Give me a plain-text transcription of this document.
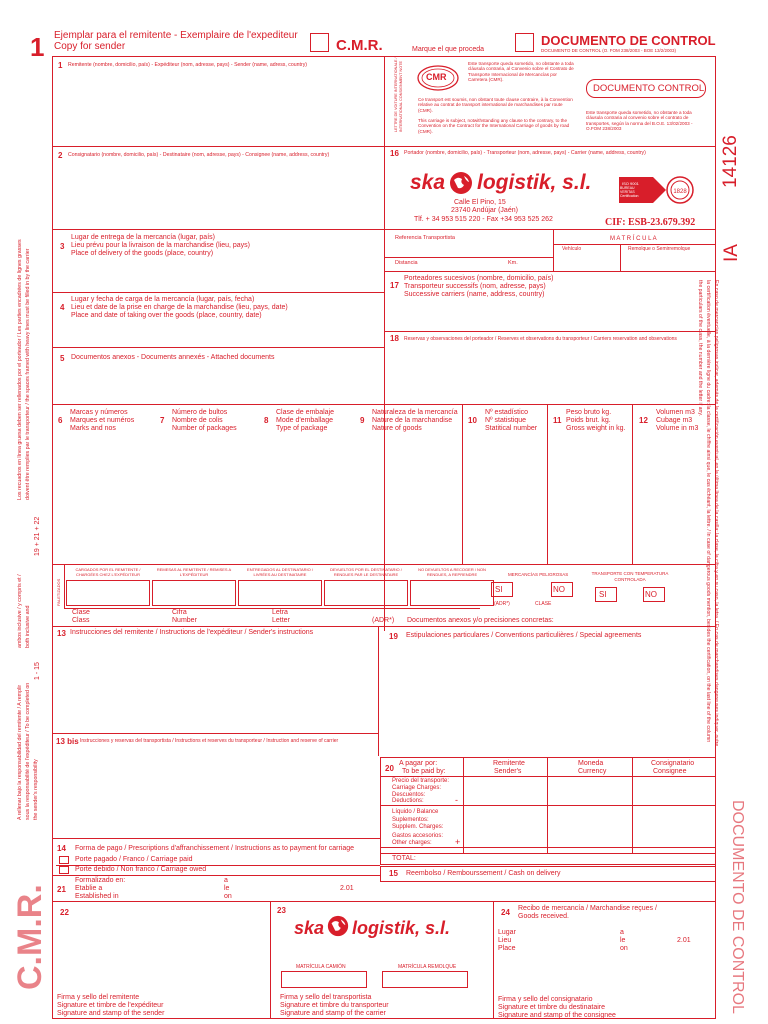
1 Ejemplar para el remitente - Exemplaire de l'expediteur
Copy for sender	C.M.R.	Marque el que proceda
DOCUMENTO DE CONTROL
DOCUMENTO DE CONTROL (O. FOM 238/2003 - BOE 13/2/2003)
1 Remitente (nombre, domicilio, país) - Expéditeur (nom, adresse, pays) - Sender (name, adress, country)	LETTRE DE VOITURE INTERNATIONALE / INTERNATIONAL CONSIGNMENT NOTE	CMR
Este transporte queda sometido, no obstante a toda cláusula contraria, al Convenio sobre el Contrato de Transporte Internacional de Mercancías por Carretera (CMR).
Ce transport est soumis, non obstant toute clause contraire, à la Convention relative au contrat de transport international de marchandises par route (CMR).
This carriage is subject, notwithstanding any clause to the contrary, to the Convention on the Contract for the International Carriage of goods by road (CMR).
DOCUMENTO CONTROL
Este transporte queda sometido, no obstante a toda cláusula contraria al convenio sobre el contrato de transportes, según la norma del B.O.E. 13/02/2003 - O.FOM 238/2003
2 Consignatario (nombre, domicilio, país) - Destinataire (nom, adresse, pays) - Consignee (name, address, country)	16 Portador (nombre, domicilio, país) - Transporteur (nom, adresse, pays) - Carrier (name, address, country)
ska logistik, s.l.	1828
ISO 9001
BUREAU VERITAS Certification
Calle El Pino, 15
23740 Andújar (Jaén)
Tlf. + 34 953 515 220 - Fax +34 953 525 262	CIF: ESB-23.679.392
3
Lugar de entrega de la mercancía (lugar, país)
Lieu prévu pour la livraison de la marchandise (lieu, pays)
Place of delivery of the goods (place, country)
Referencia Transportista	M A T R Í C U L A
Vehículo	Remolque o Semirremolque
Distancia	Km.
17
Porteadores sucesivos (nombre, domicilio, país)
Transporteur successifs (nom, adresse, pays)
Successive carriers (name, address, country)
4
Lugar y fecha de carga de la mercancía (lugar, país, fecha)
Lieu et date de la prise en charge de la marchandise (lieu, pays, date)
Place and date of taking over the goods (place, country, date)
18 Reservas y observaciones del porteador / Reserves et observations du transporteur / Carriers reservation and observations
5 Documentos anexos - Documents annexés - Attached documents
6
Marcas y números
Marques et numéros
Marks and nos
7
Número de bultos
Nombre de colis
Number of packages
8
Clase de embalaje
Mode d'emballage
Type of package
9
Naturaleza de la mercancía
Nature de la marchandise
Nature of goods
10
Nº estadístico
Nº statistique
Statitical number
11
Peso bruto kg.
Poids brut. kg.
Gross weight in kg.
12
Volumen m3
Cubage m3
Volume in m3
PALETIZADOS
CARGADOS POR EL REMITENTE / CHARGÉES CHEZ L'EXPÉDITEUR
REMESAS AL REMITENTE / REMISES A L'EXPÉDITEUR
ENTREGADOS AL DESTINATARIO / LIVRÉES AU DESTINATAIRE
DEVUELTOS POR EL DESTINATARIO / RENDUES PAR LE DESTINATAIRE
NO DEVUELTOS A RECOGER / NON RENDUES, A REPRENDRE	MERCANCÍAS PELIGROSAS
SI	NO
(ADR*)	CLASE
TRANSPORTE CON TEMPERATURA CONTROLADA
SI	NO
Clase
Class
Cifra
Number
Letra
Letter	(ADR*) Documentos anexos y/o precisiones concretas:
13 Instrucciones del remitente / Instructions de l'expéditeur / Sender's instructions	19 Estipulaciones particulares / Conventions particulières / Special agreements
13 bis Instrucciones y reservas del transportista / Instructions et reserves du transporteur / Instruction and reserve of carrier
20
A pagar por:
To be paid by:
Remitente
Sender's
Moneda
Currency
Consignatario
Consignee
Precio del transporte:
Carriage Charges:
Descuentos:
Deductions:
Líquido / Balance
Suplementos:
Supplem. Charges:
Gastos accesorios:
Other charges:
-
+
TOTAL:
14 Forma de pago / Prescriptions d'affranchissement / Instructions as to payment for carriage
Porte pagado / Franco / Carriage paid
Porte debido / Non franco / Carriage owed
21
Formalizado en:
Etablie a
Established in
a
le
on
2.01
15 Reembolso / Rembourssement / Cash on delivery
22
Firma y sello del remitente
Signature et timbre de l'expéditeur
Signature and stamp of the sender
23
ska logistik, s.l.
MATRÍCULA CAMIÓN	MATRÍCULA REMOLQUE
Firma y sello del transportista
Signature et timbre du transporteur
Signature and stamp of the carrier
24 Recibo de mercancía / Marchandise reçues /
Goods received.
Lugar
Lieu
Place
a
le
on
2.01
Firma y sello del consignatario
Signature et timbre du destinataire
Signature and stamp of the consignee
Los recuadros en línea gruesa deben ser rellenados por el porteador / Les parties encadrées de lignes grasses doivent être remplies par le transporteur / the spaces framed with heavy lines must be filled in by the carrier
19 + 21 + 22
ambos inclusive / y compris et / both inclusive and
1 - 15
A rellenar bajo la responsabilidad del remitente / A remplir sous la responsabilité de l'expéditeur / To be completed on the sender's responsibility
C.M.R.
14126
IA
En caso de mercancías peligrosas indicar, además de la certificación eventual, en la última línea de la casilla: la clase, la cifra y en su caso, la letra. / En cas de marchandises dangereuses indiquer, outre la certification éventuelle, à la dernière ligne du cadre: la classe, le chiffre ainsi que, le cas échéant, la lettre. / In case of dangerous goods mention, besides the certification, on the last line of the column the particulars of the class, the number and the letter if any.
DOCUMENTO DE CONTROL
